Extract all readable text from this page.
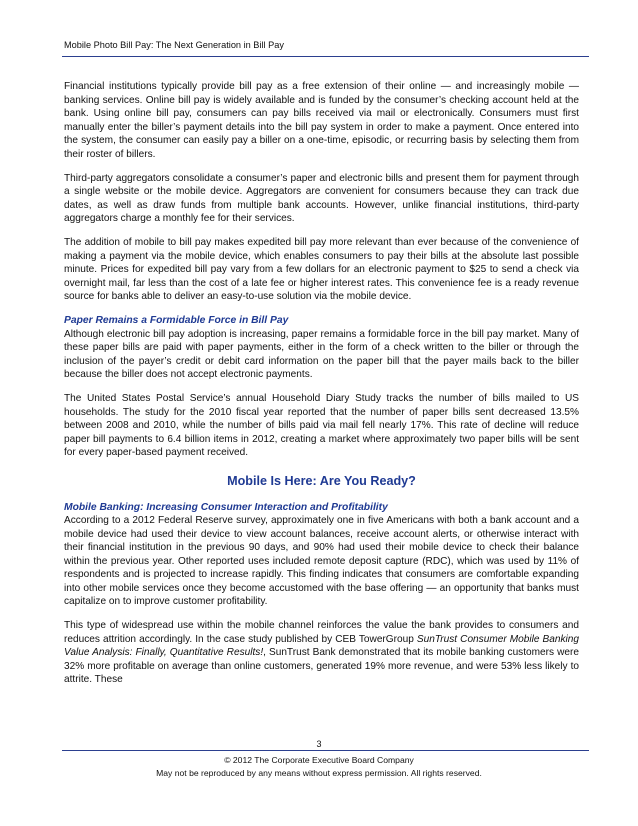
Mobile Photo Bill Pay: The Next Generation in Bill Pay

Financial institutions typically provide bill pay as a free extension of their online — and increasingly mobile — banking services. Online bill pay is widely available and is funded by the consumer’s checking account held at the bank. Using online bill pay, consumers can pay bills received via mail or electronically. Consumers must first manually enter the biller’s payment details into the bill pay system in order to make a payment. Once entered into the system, the consumer can easily pay a biller on a one-time, episodic, or recurring basis by selecting them from their roster of billers.

Third-party aggregators consolidate a consumer’s paper and electronic bills and present them for payment through a single website or the mobile device. Aggregators are convenient for consumers because they can track due dates, as well as draw funds from multiple bank accounts. However, unlike financial institutions, third-party aggregators charge a monthly fee for their services.

The addition of mobile to bill pay makes expedited bill pay more relevant than ever because of the convenience of making a payment via the mobile device, which enables consumers to pay their bills at the absolute last possible minute. Prices for expedited bill pay vary from a few dollars for an electronic payment to $25 to send a check via overnight mail, far less than the cost of a late fee or higher interest rates. This convenience fee is a ready revenue source for banks able to deliver an easy-to-use solution via the mobile device.

Paper Remains a Formidable Force in Bill Pay

Although electronic bill pay adoption is increasing, paper remains a formidable force in the bill pay market. Many of these paper bills are paid with paper payments, either in the form of a check written to the biller or through the inclusion of the payer’s credit or debit card information on the paper bill that the payer mails back to the biller because the biller does not accept electronic payments.

The United States Postal Service’s annual Household Diary Study tracks the number of bills mailed to US households. The study for the 2010 fiscal year reported that the number of paper bills sent decreased 13.5% between 2008 and 2010, while the number of bills paid via mail fell nearly 17%. This rate of decline will reduce paper bill payments to 6.4 billion items in 2012, creating a market where approximately two paper bills will be sent for every paper-based payment received.

Mobile Is Here: Are You Ready?
Mobile Banking: Increasing Consumer Interaction and Profitability

According to a 2012 Federal Reserve survey, approximately one in five Americans with both a bank account and a mobile device had used their device to view account balances, receive account alerts, or otherwise interact with their financial institution in the previous 90 days, and 90% had used their mobile device to check their balance within the previous year. Other reported uses included remote deposit capture (RDC), which was used by 11% of respondents and is projected to increase rapidly. This finding indicates that consumers are comfortable expanding into other mobile services once they become accustomed with the base offering — an opportunity that banks must capitalize on to improve customer profitability.

This type of widespread use within the mobile channel reinforces the value the bank provides to consumers and reduces attrition accordingly. In the case study published by CEB TowerGroup SunTrust Consumer Mobile Banking Value Analysis: Finally, Quantitative Results!, SunTrust Bank demonstrated that its mobile banking customers were 32% more profitable on average than online customers, generated 19% more revenue, and were 53% less likely to attrite. These

3
© 2012 The Corporate Executive Board Company
May not be reproduced by any means without express permission. All rights reserved.
